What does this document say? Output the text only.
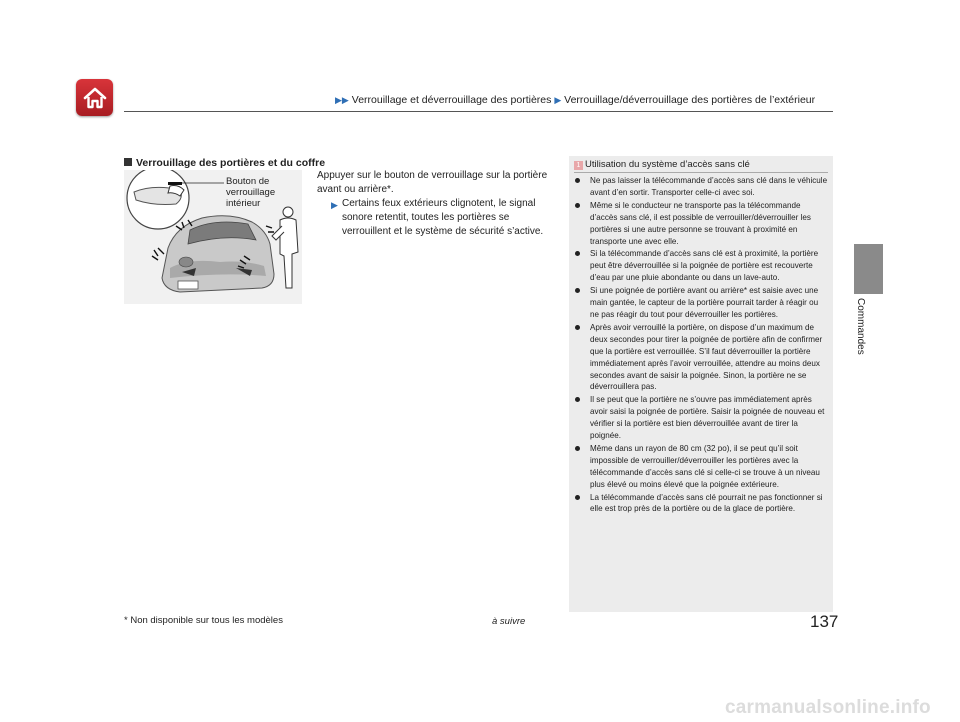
▶▶ Verrouillage et déverrouillage des portières ▶ Verrouillage/déverrouillage des portières de l’extérieur
Commandes
Verrouillage des portières et du coffre
Bouton de
verrouillage
intérieur
Appuyer sur le bouton de verrouillage sur la portière avant ou arrière*.
▶ Certains feux extérieurs clignotent, le signal sonore retentit, toutes les portières se verrouillent et le système de sécurité s’active.
1 Utilisation du système d’accès sans clé
Ne pas laisser la télécommande d’accès sans clé dans le véhicule avant d’en sortir. Transporter celle-ci avec soi.
Même si le conducteur ne transporte pas la télécommande d’accès sans clé, il est possible de verrouiller/déverrouiller les portières si une autre personne se trouvant à proximité en transporte une avec elle.
Si la télécommande d’accès sans clé est à proximité, la portière peut être déverrouillée si la poignée de portière est recouverte d’eau par une pluie abondante ou dans un lave-auto.
Si une poignée de portière avant ou arrière* est saisie avec une main gantée, le capteur de la portière pourrait tarder à réagir ou ne pas réagir du tout pour déverrouiller les portières.
Après avoir verrouillé la portière, on dispose d’un maximum de deux secondes pour tirer la poignée de portière afin de confirmer que la portière est verrouillée. S’il faut déverrouiller la portière immédiatement après l’avoir verrouillée, attendre au moins deux secondes avant de saisir la poignée. Sinon, la portière ne se déverrouillera pas.
Il se peut que la portière ne s’ouvre pas immédiatement après avoir saisi la poignée de portière. Saisir la poignée de nouveau et vérifier si la portière est bien déverrouillée avant de tirer la poignée.
Même dans un rayon de 80 cm (32 po), il se peut qu’il soit impossible de verrouiller/déverrouiller les portières avec la télécommande d’accès sans clé si celle-ci se trouve à un niveau plus élevé ou moins élevé que la poignée extérieure.
La télécommande d’accès sans clé pourrait ne pas fonctionner si elle est trop près de la portière ou de la glace de portière.
* Non disponible sur tous les modèles	à suivre	137
carmanualsonline.info
